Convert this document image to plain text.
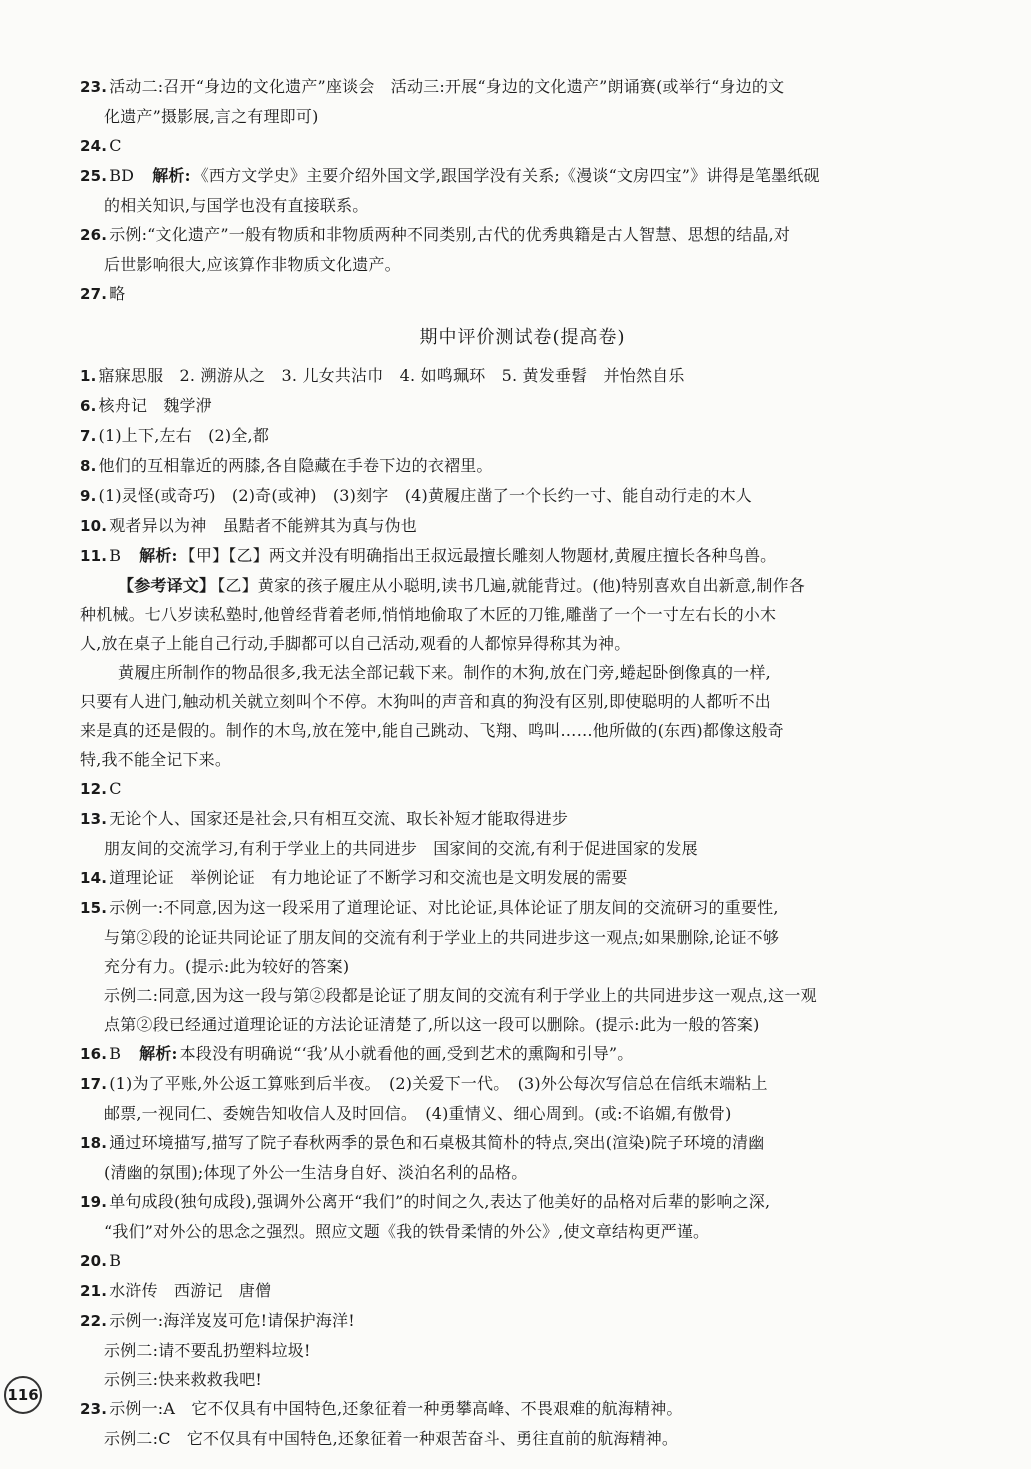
23. 活动二:召开“身边的文化遗产”座谈会　活动三:开展“身边的文化遗产”朗诵赛(或举行“身边的文
化遗产”摄影展,言之有理即可)
24. C
25. BD 解析: 《西方文学史》主要介绍外国文学,跟国学没有关系;《漫谈“文房四宝”》讲得是笔墨纸砚
的相关知识,与国学也没有直接联系。
26. 示例:“文化遗产”一般有物质和非物质两种不同类别,古代的优秀典籍是古人智慧、思想的结晶,对
后世影响很大,应该算作非物质文化遗产。
27. 略
期中评价测试卷(提高卷)
1. 寤寐思服　2. 溯游从之　3. 儿女共沾巾　4. 如鸣珮环　5. 黄发垂髫　并怡然自乐
6. 核舟记　魏学洢
7. (1)上下,左右　(2)全,都
8. 他们的互相靠近的两膝,各自隐藏在手卷下边的衣褶里。
9. (1)灵怪(或奇巧)　(2)奇(或神)　(3)刻字　(4)黄履庄凿了一个长约一寸、能自动行走的木人
10. 观者异以为神　虽黠者不能辨其为真与伪也
11. B 解析: 【甲】【乙】两文并没有明确指出王叔远最擅长雕刻人物题材,黄履庄擅长各种鸟兽。
【参考译文】 【乙】黄家的孩子履庄从小聪明,读书几遍,就能背过。(他)特别喜欢自出新意,制作各
种机械。七八岁读私塾时,他曾经背着老师,悄悄地偷取了木匠的刀锥,雕凿了一个一寸左右长的小木
人,放在桌子上能自己行动,手脚都可以自己活动,观看的人都惊异得称其为神。
黄履庄所制作的物品很多,我无法全部记载下来。制作的木狗,放在门旁,蜷起卧倒像真的一样,
只要有人进门,触动机关就立刻叫个不停。木狗叫的声音和真的狗没有区别,即使聪明的人都听不出
来是真的还是假的。制作的木鸟,放在笼中,能自己跳动、飞翔、鸣叫……他所做的(东西)都像这般奇
特,我不能全记下来。
12. C
13. 无论个人、国家还是社会,只有相互交流、取长补短才能取得进步
朋友间的交流学习,有利于学业上的共同进步　国家间的交流,有利于促进国家的发展
14. 道理论证　举例论证　有力地论证了不断学习和交流也是文明发展的需要
15. 示例一:不同意,因为这一段采用了道理论证、对比论证,具体论证了朋友间的交流研习的重要性,
与第②段的论证共同论证了朋友间的交流有利于学业上的共同进步这一观点;如果删除,论证不够
充分有力。(提示:此为较好的答案)
示例二:同意,因为这一段与第②段都是论证了朋友间的交流有利于学业上的共同进步这一观点,这一观
点第②段已经通过道理论证的方法论证清楚了,所以这一段可以删除。(提示:此为一般的答案)
16. B 解析: 本段没有明确说“‘我’从小就看他的画,受到艺术的熏陶和引导”。
17. (1)为了平账,外公返工算账到后半夜。　(2)关爱下一代。　(3)外公每次写信总在信纸末端粘上
邮票,一视同仁、委婉告知收信人及时回信。　(4)重情义、细心周到。(或:不谄媚,有傲骨)
18. 通过环境描写,描写了院子春秋两季的景色和石桌极其简朴的特点,突出(渲染)院子环境的清幽
(清幽的氛围);体现了外公一生洁身自好、淡泊名利的品格。
19. 单句成段(独句成段),强调外公离开“我们”的时间之久,表达了他美好的品格对后辈的影响之深,
“我们”对外公的思念之强烈。照应文题《我的铁骨柔情的外公》,使文章结构更严谨。
20. B
21. 水浒传　西游记　唐僧
22. 示例一:海洋岌岌可危!请保护海洋!
示例二:请不要乱扔塑料垃圾!
示例三:快来救救我吧!
23. 示例一:A　它不仅具有中国特色,还象征着一种勇攀高峰、不畏艰难的航海精神。
示例二:C　它不仅具有中国特色,还象征着一种艰苦奋斗、勇往直前的航海精神。
116
